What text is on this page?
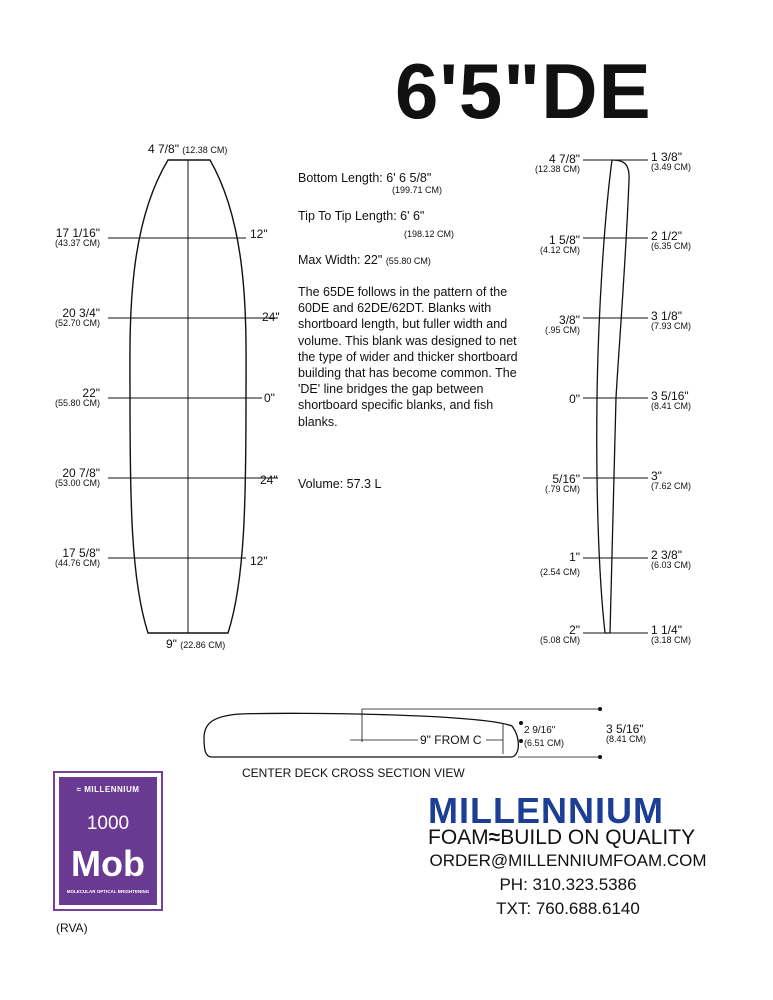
6'5"DE
4 7/8" (12.38 CM)
9" (22.86 CM)
17 1/16"
(43.37 CM)
20 3/4"
(52.70 CM)
22"
(55.80 CM)
20 7/8"
(53.00 CM)
17 5/8"
(44.76 CM)
12"
24"
0"
24"
12"
Bottom Length: 6' 6 5/8"
(199.71 CM)
Tip To Tip Length: 6' 6"
(198.12 CM)
Max Width: 22" (55.80 CM)
The 65DE follows in the pattern of the 60DE and 62DE/62DT. Blanks with shortboard length, but fuller width and volume. This blank was designed to net the type of wider and thicker shortboard building that has become common. The 'DE' line bridges the gap between shortboard specific blanks, and fish blanks.
Volume: 57.3 L
4 7/8"
(12.38 CM)
1 5/8"
(4.12 CM)
3/8"
(.95 CM)
0"
5/16"
(.79 CM)
1"
(2.54 CM)
2"
(5.08 CM)
1 3/8"
(3.49 CM)
2 1/2"
(6.35 CM)
3 1/8"
(7.93 CM)
3 5/16"
(8.41 CM)
3"
(7.62 CM)
2 3/8"
(6.03 CM)
1 1/4"
(3.18 CM)
9" FROM C
2 9/16"
(6.51 CM)
3 5/16"
(8.41 CM)
CENTER DECK CROSS SECTION VIEW
≈ MILLENNIUM
1000
Mob
MOLECULAR OPTICAL BRIGHTENING
(RVA)
MILLENNIUM
FOAM≈BUILD ON QUALITY
ORDER@MILLENNIUMFOAM.COM
PH: 310.323.5386
TXT: 760.688.6140
